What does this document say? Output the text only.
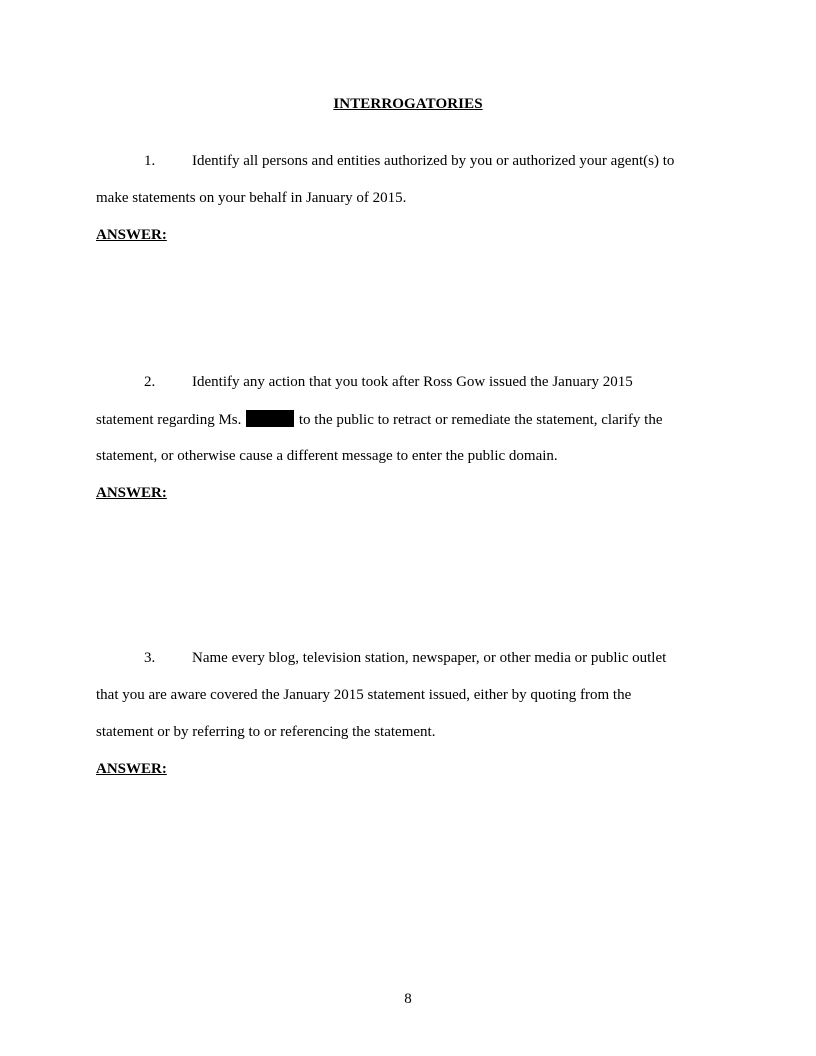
INTERROGATORIES
1. Identify all persons and entities authorized by you or authorized your agent(s) to
make statements on your behalf in January of 2015.
ANSWER:
2. Identify any action that you took after Ross Gow issued the January 2015
statement regarding Ms.	to the public to retract or remediate the statement, clarify the
statement, or otherwise cause a different message to enter the public domain.
ANSWER:
3. Name every blog, television station, newspaper, or other media or public outlet
that you are aware covered the January 2015 statement issued, either by quoting from the
statement or by referring to or referencing the statement.
ANSWER:
8
